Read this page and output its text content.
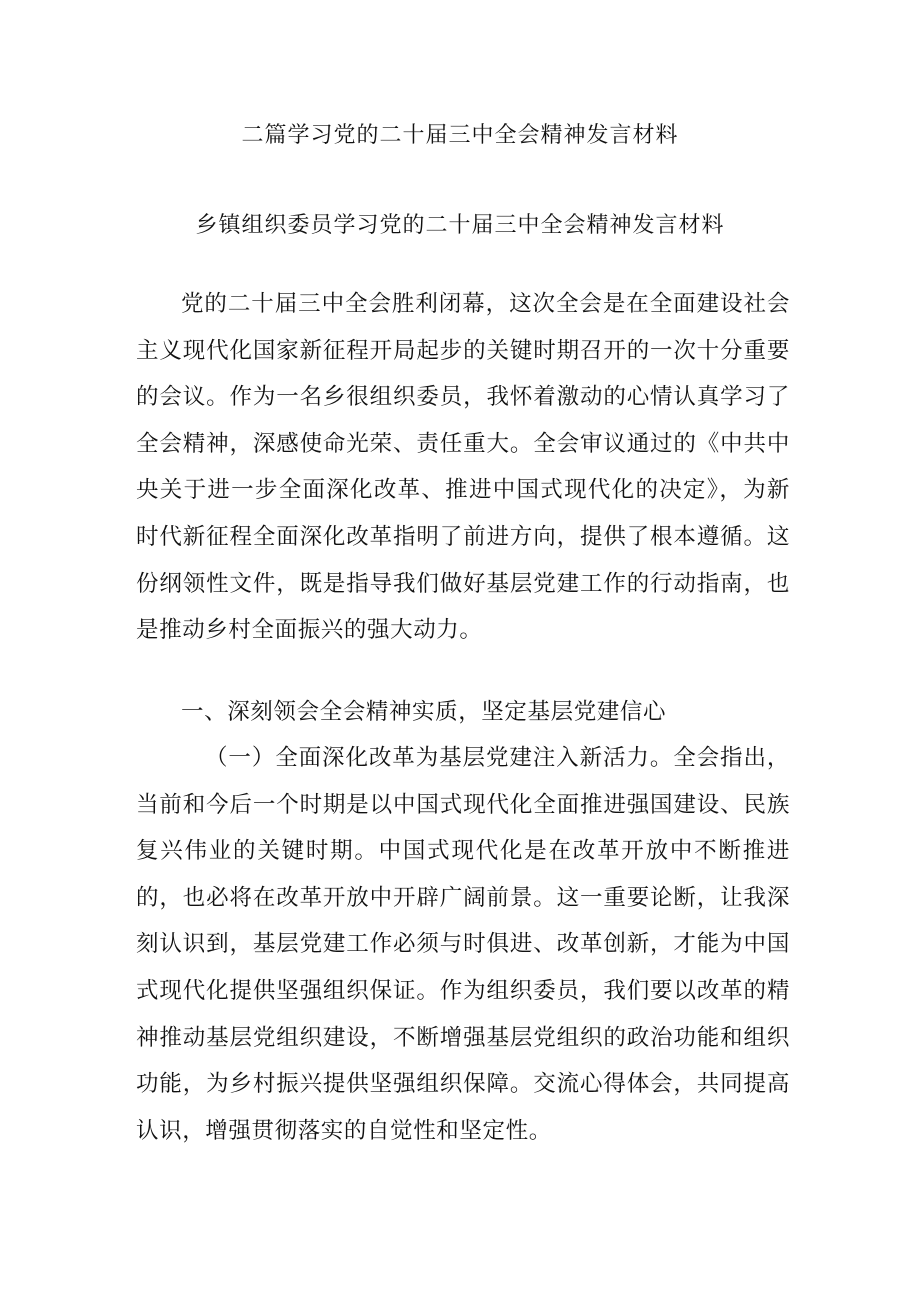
二篇学习党的二十届三中全会精神发言材料
乡镇组织委员学习党的二十届三中全会精神发言材料
党的二十届三中全会胜利闭幕，这次全会是在全面建设社会主义现代化国家新征程开局起步的关键时期召开的一次十分重要的会议。作为一名乡很组织委员，我怀着激动的心情认真学习了全会精神，深感使命光荣、责任重大。全会审议通过的《中共中央关于进一步全面深化改革、推进中国式现代化的决定》，为新时代新征程全面深化改革指明了前进方向，提供了根本遵循。这份纲领性文件，既是指导我们做好基层党建工作的行动指南，也是推动乡村全面振兴的强大动力。
一、深刻领会全会精神实质，坚定基层党建信心
（一）全面深化改革为基层党建注入新活力。全会指出，当前和今后一个时期是以中国式现代化全面推进强国建设、民族复兴伟业的关键时期。中国式现代化是在改革开放中不断推进的，也必将在改革开放中开辟广阔前景。这一重要论断，让我深刻认识到，基层党建工作必须与时俱进、改革创新，才能为中国式现代化提供坚强组织保证。作为组织委员，我们要以改革的精神推动基层党组织建设，不断增强基层党组织的政治功能和组织功能，为乡村振兴提供坚强组织保障。交流心得体会，共同提高认识，增强贯彻落实的自觉性和坚定性。
